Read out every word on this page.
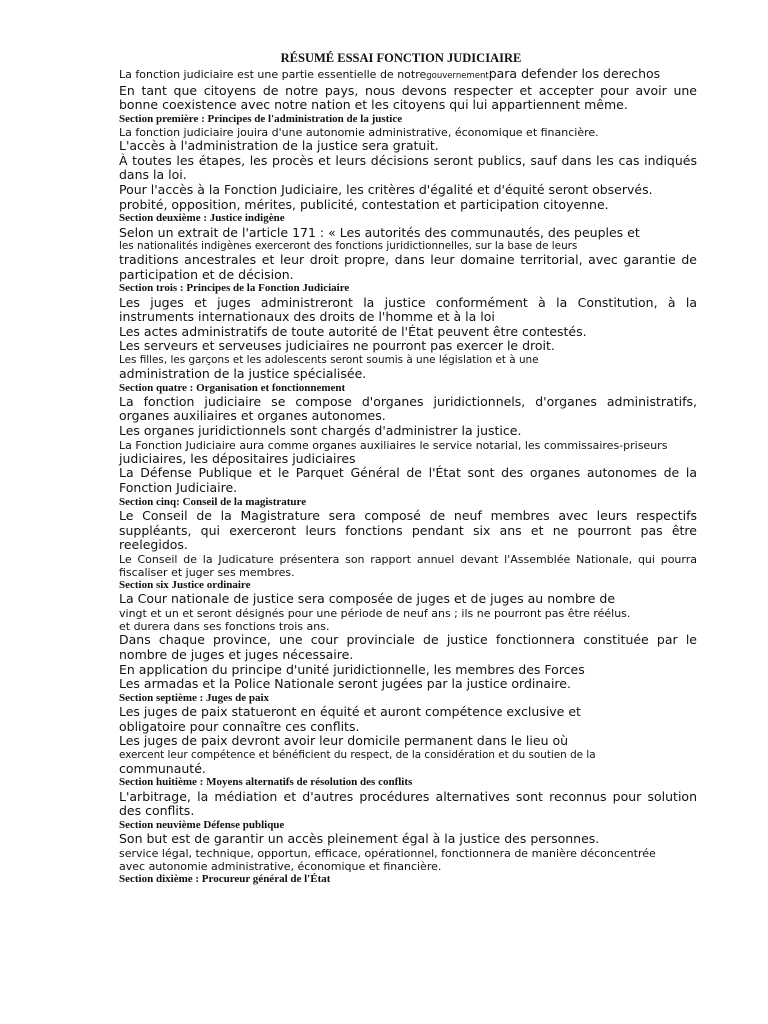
RÉSUMÉ ESSAI FONCTION JUDICIAIRE

La fonction judiciaire est une partie essentielle de notregouvernementpara defender los derechos

En tant que citoyens de notre pays, nous devons respecter et accepter pour avoir une bonne coexistence avec notre nation et les citoyens qui lui appartiennent même.

Section première : Principes de l'administration de la justice

La fonction judiciaire jouira d'une autonomie administrative, économique et financière.

L'accès à l'administration de la justice sera gratuit.

À toutes les étapes, les procès et leurs décisions seront publics, sauf dans les cas indiqués dans la loi.

Pour l'accès à la Fonction Judiciaire, les critères d'égalité et d'équité seront observés.

probité, opposition, mérites, publicité, contestation et participation citoyenne.

Section deuxième : Justice indigène

Selon un extrait de l'article 171 : « Les autorités des communautés, des peuples et

les nationalités indigènes exerceront des fonctions juridictionnelles, sur la base de leurs

traditions ancestrales et leur droit propre, dans leur domaine territorial, avec garantie de participation et de décision.

Section trois : Principes de la Fonction Judiciaire

Les juges et juges administreront la justice conformément à la Constitution, à la instruments internationaux des droits de l'homme et à la loi

Les actes administratifs de toute autorité de l'État peuvent être contestés.

Les serveurs et serveuses judiciaires ne pourront pas exercer le droit.

Les filles, les garçons et les adolescents seront soumis à une législation et à une

administration de la justice spécialisée.

Section quatre : Organisation et fonctionnement

La fonction judiciaire se compose d'organes juridictionnels, d'organes administratifs, organes auxiliaires et organes autonomes.

Les organes juridictionnels sont chargés d'administrer la justice.

La Fonction Judiciaire aura comme organes auxiliaires le service notarial, les commissaires-priseurs

judiciaires, les dépositaires judiciaires

La Défense Publique et le Parquet Général de l'État sont des organes autonomes de la Fonction Judiciaire.

Section cinq: Conseil de la magistrature

Le Conseil de la Magistrature sera composé de neuf membres avec leurs respectifs suppléants, qui exerceront leurs fonctions pendant six ans et ne pourront pas être reelegidos.

Le Conseil de la Judicature présentera son rapport annuel devant l'Assemblée Nationale, qui pourra fiscaliser et juger ses membres.

Section six Justice ordinaire

La Cour nationale de justice sera composée de juges et de juges au nombre de

vingt et un et seront désignés pour une période de neuf ans ; ils ne pourront pas être réélus.

et durera dans ses fonctions trois ans.

Dans chaque province, une cour provinciale de justice fonctionnera constituée par le nombre de juges et juges nécessaire.

En application du principe d'unité juridictionnelle, les membres des Forces

Les armadas et la Police Nationale seront jugées par la justice ordinaire.

Section septième : Juges de paix

Les juges de paix statueront en équité et auront compétence exclusive et

obligatoire pour connaître ces conflits.

Les juges de paix devront avoir leur domicile permanent dans le lieu où

exercent leur compétence et bénéficient du respect, de la considération et du soutien de la

communauté.

Section huitième : Moyens alternatifs de résolution des conflits

L'arbitrage, la médiation et d'autres procédures alternatives sont reconnus pour solution des conflits.

Section neuvième Défense publique

Son but est de garantir un accès pleinement égal à la justice des personnes.

service légal, technique, opportun, efficace, opérationnel, fonctionnera de manière déconcentrée

avec autonomie administrative, économique et financière.

Section dixième : Procureur général de l'État
